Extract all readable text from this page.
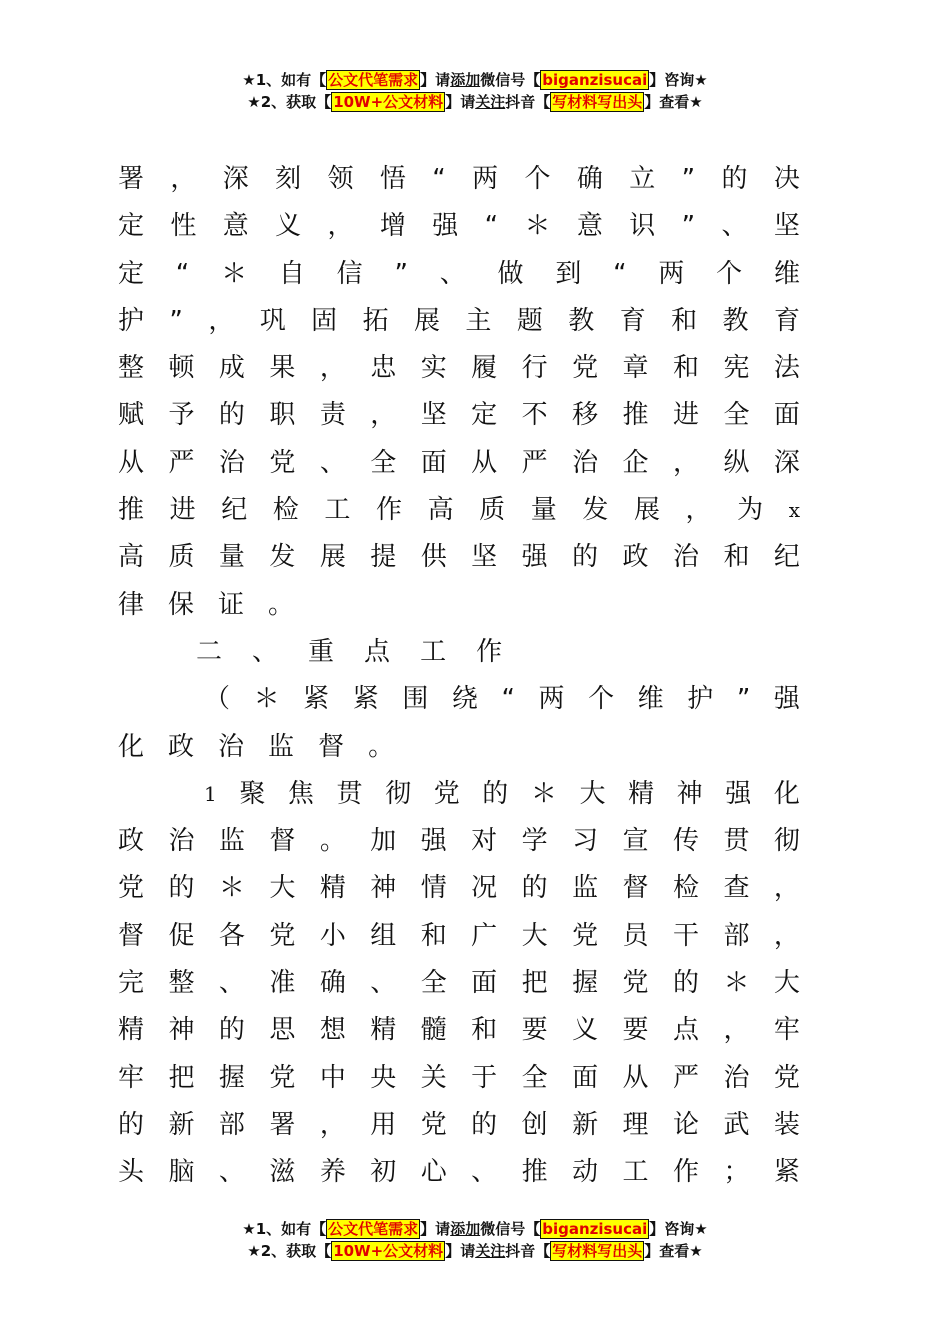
★1、如有【 公文代笔需求 】请添加微信号【 biganzisucai 】咨询★
★2、获取【 10W+公文材料 】请关注抖音【 写材料写出头 】查看★
署 ， 深 刻 领 悟 “ 两 个 确 立 ” 的 决
定 性 意 义 ， 增 强 “ ＊ 意 识 ” 、 坚
定 “ ＊ 自 信 ” 、 做 到 “ 两 个 维
护 ” ， 巩 固 拓 展 主 题 教 育 和 教 育
整 顿 成 果 ， 忠 实 履 行 党 章 和 宪 法
赋 予 的 职 责 ， 坚 定 不 移 推 进 全 面
从 严 治 党 、 全 面 从 严 治 企 ， 纵 深
推 进 纪 检 工 作 高 质 量 发 展 ， 为 x
高 质 量 发 展 提 供 坚 强 的 政 治 和 纪
律 保 证 。
二 、 重 点 工 作
（ ＊ 紧 紧 围 绕 “ 两 个 维 护 ” 强
化 政 治 监 督 。
1 聚 焦 贯 彻 党 的 ＊ 大 精 神 强 化
政 治 监 督 。 加 强 对 学 习 宣 传 贯 彻
党 的 ＊ 大 精 神 情 况 的 监 督 检 查 ，
督 促 各 党 小 组 和 广 大 党 员 干 部 ，
完 整 、 准 确 、 全 面 把 握 党 的 ＊ 大
精 神 的 思 想 精 髓 和 要 义 要 点 ， 牢
牢 把 握 党 中 央 关 于 全 面 从 严 治 党
的 新 部 署 ， 用 党 的 创 新 理 论 武 装
头 脑 、 滋 养 初 心 、 推 动 工 作 ； 紧
★1、如有【 公文代笔需求 】请添加微信号【 biganzisucai 】咨询★
★2、获取【 10W+公文材料 】请关注抖音【 写材料写出头 】查看★
